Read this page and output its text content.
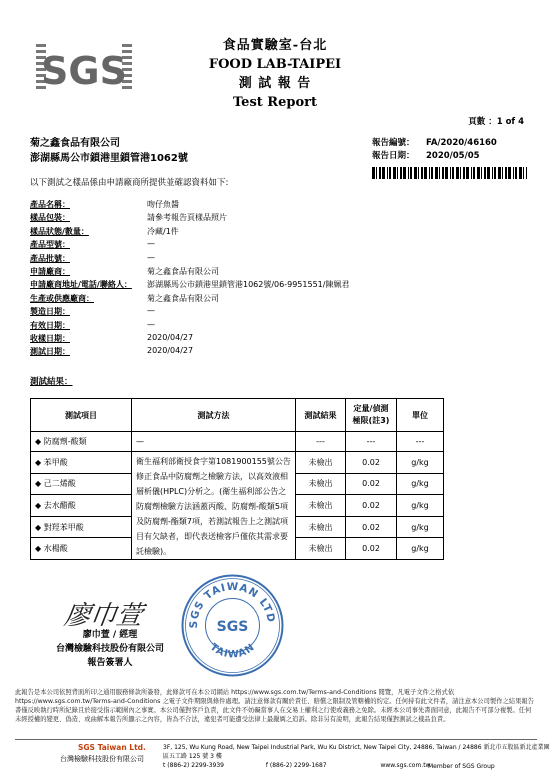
SGS
食品實驗室-台北
FOOD LAB-TAIPEI
測 試 報 告
Test Report
頁數 ：1 of 4
菊之鑫食品有限公司
澎湖縣馬公市鎖港里鎖管港1062號
報告編號： FA/2020/46160
報告日期： 2020/05/05
以下測試之樣品係由申請廠商所提供並確認資料如下:
產品名稱：	吻仔魚醬
樣品包裝：	請參考報告頁樣品照片
樣品狀態/數量：	冷藏/1件
產品型號：	—
產品批號：	—
申請廠商：	菊之鑫食品有限公司
申請廠商地址/電話/聯絡人： 澎湖縣馬公市鎖港里鎖管港1062號/06-9951551/陳姵君
生產或供應廠商：	菊之鑫食品有限公司
製造日期：	—
有效日期：	—
收樣日期：	2020/04/27
測試日期：	2020/04/27
測試結果：
測試項目	測試方法	測試結果	定量/偵測
極限(註3)	單位
◆ 防腐劑-酸類	—	---	---	---
◆ 苯甲酸	衛生福利部衛授食字第1081900155號公告修正食品中防腐劑之檢驗方法，以高效液相層析儀(HPLC)分析之。(衛生福利部公告之防腐劑檢驗方法涵蓋丙酸、防腐劑-酸類5項及防腐劑-酯類7項，若測試報告上之測試項目有欠缺者，即代表送檢客戶僅依其需求要託檢驗)。	未檢出	0.02	g/kg
◆ 己二烯酸		未檢出	0.02	g/kg
◆ 去水醋酸		未檢出	0.02	g/kg
◆ 對羥苯甲酸		未檢出	0.02	g/kg
◆ 水楊酸		未檢出	0.02	g/kg
廖巾萱
廖巾萱 / 經理
台灣檢驗科技股份有限公司
報告簽署人
SGS TAIWAN LTD
TAIWAN
SGS
此報告是本公司依照背面所印之通用服務條款所簽發，此條款可在本公司網站 https://www.sgs.com.tw/Terms-and-Conditions 閱覽，凡電子文件之格式依 https://www.sgs.com.tw/Terms-and-Conditions 之電子文件期限與條件處理。請注意條款有關於責任、賠償之限制及管轄權的約定。任何持有此文件者，請注意本公司製作之結果報告書僅反映執行時所紀錄且於接受指示範圍內之事實。本公司僅對客戶負責，此文件不妨礙當事人在交易上權利之行使或義務之免除。未經本公司事先書面同意，此報告不可部分複製。任何未經授權的變更、偽造、或曲解本報告所顯示之內容，皆為不合法，違犯者可能遭受法律上最嚴厲之追訴。除非另有說明，此報告結果僅對測試之樣品負責。
SGS Taiwan Ltd.
台灣檢驗科技股份有限公司
3F, 125, Wu Kung Road, New Taipei Industrial Park, Wu Ku District, New Taipei City, 24886, Taiwan / 24886 新北市五股區新北產業園區五工路 125 號 3 樓
t (886-2) 2299-3939	f (886-2) 2299-1687	www.sgs.com.tw
Member of SGS Group
